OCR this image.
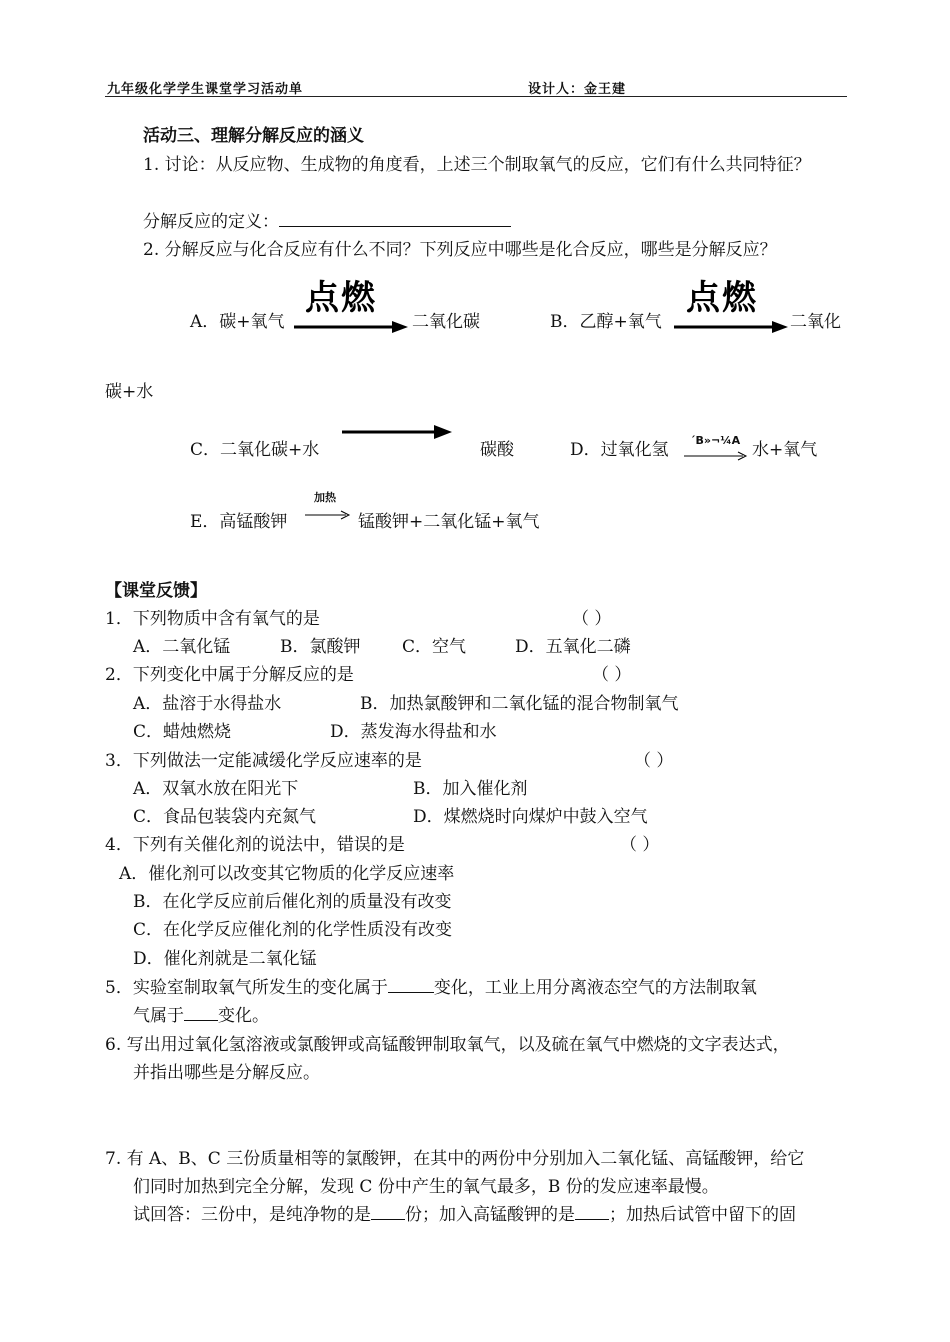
九年级化学学生课堂学习活动单	设计人：金王建
活动三、理解分解反应的涵义
1. 讨论：从反应物、生成物的角度看，上述三个制取氧气的反应，它们有什么共同特征？
分解反应的定义：
2. 分解反应与化合反应有什么不同？下列反应中哪些是化合反应，哪些是分解反应？
A．碳+氧气
点燃
二氧化碳	B．乙醇+氧气
点燃
二氧化
碳+水
C．二氧化碳+水	碳酸	D．过氧化氢 ´B»¬¼A 水+氧气
E．高锰酸钾
加热
锰酸钾+二氧化锰+氧气
【课堂反馈】
1．下列物质中含有氧气的是	（ ）
A．二氧化锰	B．氯酸钾 C．空气	D．五氧化二磷
2．下列变化中属于分解反应的是	（ ）
A．盐溶于水得盐水	B．加热氯酸钾和二氧化锰的混合物制氧气
C．蜡烛燃烧	D．蒸发海水得盐和水
3．下列做法一定能减缓化学反应速率的是	（ ）
A．双氧水放在阳光下	B．加入催化剂
C．食品包装袋内充氮气	D．煤燃烧时向煤炉中鼓入空气
4．下列有关催化剂的说法中，错误的是	（ ）
A．催化剂可以改变其它物质的化学反应速率
B．在化学反应前后催化剂的质量没有改变
C．在化学反应催化剂的化学性质没有改变
D．催化剂就是二氧化锰
5．实验室制取氧气所发生的变化属于	变化，工业上用分离液态空气的方法制取氧
气属于 变化。
6. 写出用过氧化氢溶液或氯酸钾或高锰酸钾制取氧气，以及硫在氧气中燃烧的文字表达式，
并指出哪些是分解反应。
7. 有 A、B、C 三份质量相等的氯酸钾，在其中的两份中分别加入二氧化锰、高锰酸钾，给它
们同时加热到完全分解，发现 C 份中产生的氧气最多，B 份的发应速率最慢。
试回答：三份中，是纯净物的是 份；加入高锰酸钾的是 ；加热后试管中留下的固
